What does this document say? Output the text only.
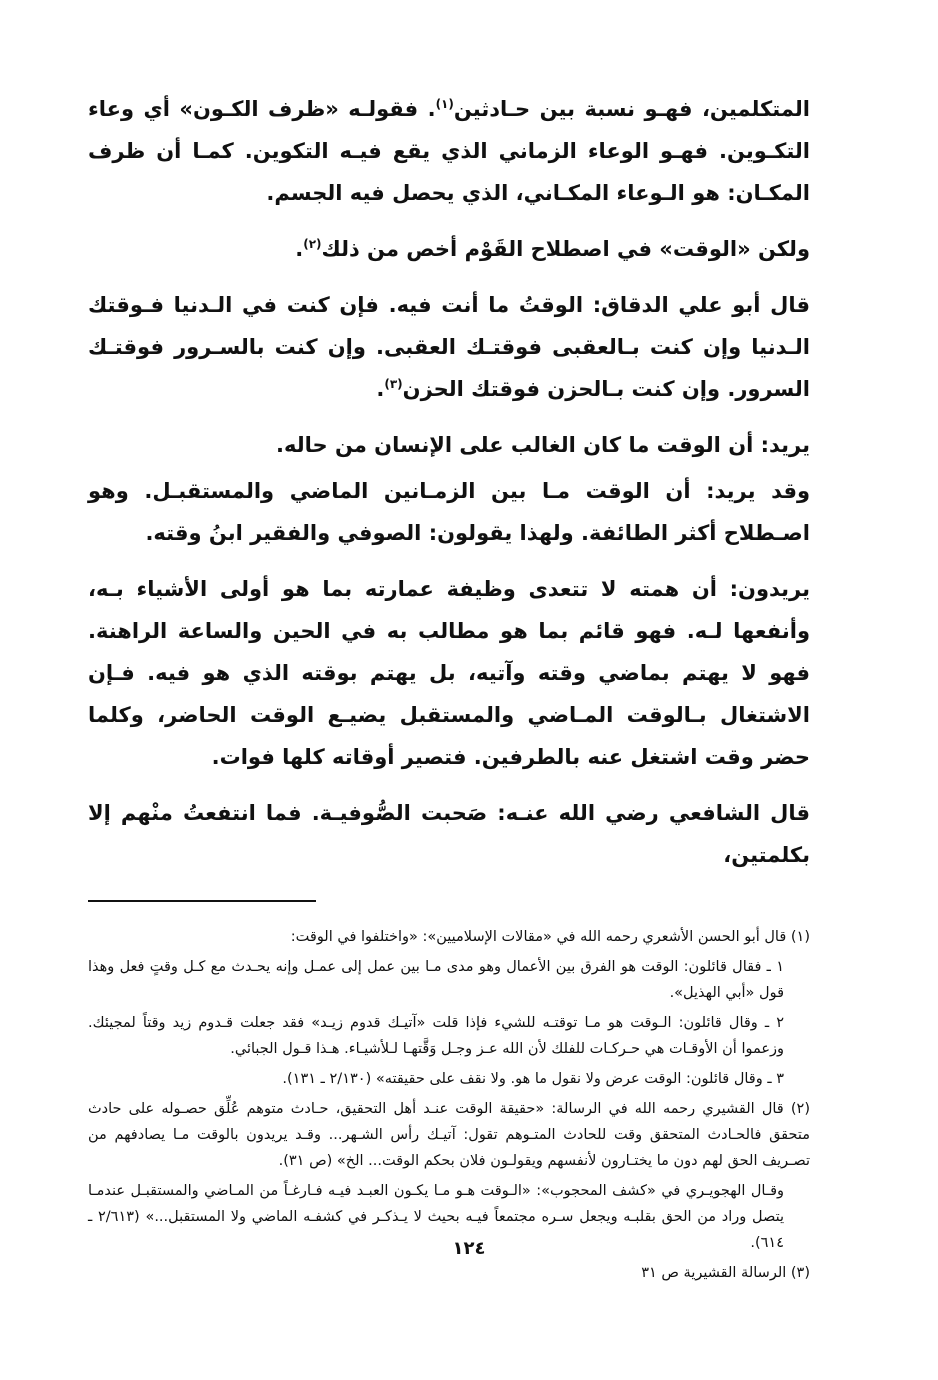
المتكلمين، فهـو نسبة بين حـادثين$^{(١)}$. فقولـه «ظرف الكـون» أي وعاء التكـوين. فهـو الوعاء الزماني الذي يقع فيـه التكوين. كمـا أن ظرف المكـان: هو الـوعاء المكـاني، الذي يحصل فيه الجسم.

ولكن «الوقت» في اصطلاح القَوْم أخص من ذلك$^{(٢)}$.

قال أبو علي الدقاق: الوقتُ ما أنت فيه. فإن كنت في الـدنيا فـوقتك الـدنيا وإن كنت بـالعقبى فوقتـك العقبى. وإن كنت بالسـرور فوقتـك السرور. وإن كنت بـالحزن فوقتك الحزن$^{(٣)}$.

يريد: أن الوقت ما كان الغالب على الإنسان من حاله.

وقد يريد: أن الوقت مـا بين الزمـانين الماضي والمستقبـل. وهو اصـطلاح أكثر الطائفة. ولهذا يقولون: الصوفي والفقير ابنُ وقته.

يريدون: أن همته لا تتعدى وظيفة عمارته بما هو أولى الأشياء بـه، وأنفعها لـه. فهو قائم بما هو مطالب به في الحين والساعة الراهنة. فهو لا يهتم بماضي وقته وآتيه، بل يهتم بوقته الذي هو فيه. فـإن الاشتغال بـالوقت المـاضي والمستقبل يضيـع الوقت الحاضر، وكلما حضر وقت اشتغل عنه بالطرفين. فتصير أوقاته كلها فوات.

قال الشافعي رضي الله عنـه: صَحبت الصُّوفيـة. فما انتفعتُ منْهم إلا بكلمتين،

(١) قال أبو الحسن الأشعري رحمه الله في «مقالات الإسلاميين»: «واختلفوا في الوقت:

١ ـ فقال قائلون: الوقت هو الفرق بين الأعمال وهو مدى مـا بين عمل إلى عمـل وإنه يحـدث مع كـل وقتٍ فعل وهذا قول «أبي الهذيل».

٢ ـ وقال قائلون: الـوقت هو مـا توقتـه للشيء فإذا قلت «آتيـك قدوم زيـد» فقد جعلت قـدوم زيد وقتاً لمجيئك. وزعموا أن الأوقـات هي حـركـات للفلك لأن الله عـز وجـل وَقَّتهـا لـلأشيـاء. هـذا قـول الجبائي.

٣ ـ وقال قائلون: الوقت عرض ولا نقول ما هو. ولا نقف على حقيقته» (٢/١٣٠ ـ ١٣١).

(٢) قال القشيري رحمه الله في الرسالة: «حقيقة الوقت عنـد أهل التحقيق، حـادث متوهم عُلِّق حصـوله على حادث متحقق فالحـادث المتحقق وقت للحادث المتـوهم تقول: آتيـك رأس الشـهر... وقـد يريدون بالوقت مـا يصادفهم من تصـريف الحق لهم دون ما يختـارون لأنفسهم ويقولـون فلان بحكم الوقت... الخ» (ص ٣١).

وقـال الهجويـري في «كشف المحجوب»: «الـوقت هـو مـا يكـون العبـد فيـه فـارغـاً من المـاضي والمستقبـل عندمـا يتصل وراد من الحق بقلبـه ويجعل سـره مجتمعاً فيـه بحيث لا يـذكـر في كشفـه الماضي ولا المستقبل...» (٢/٦١٣ ـ ٦١٤).

(٣) الرسالة القشيرية ص ٣١

١٢٤
